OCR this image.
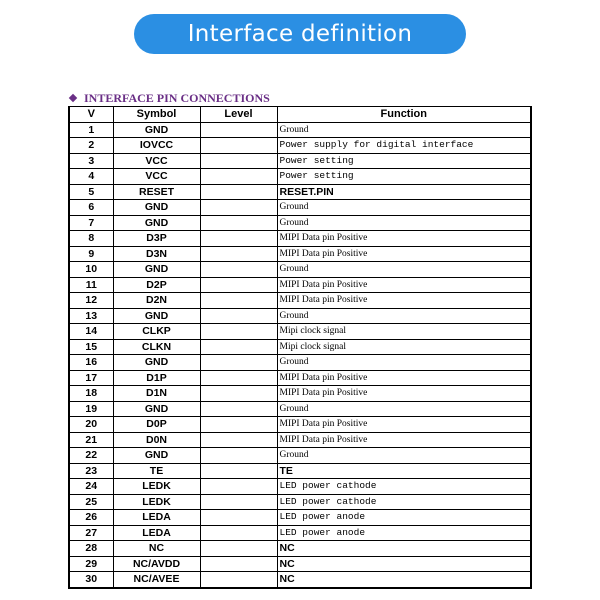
Interface definition
INTERFACE PIN CONNECTIONS
V	Symbol	Level	Function
1	GND		Ground
2	IOVCC		Power supply for digital interface
3	VCC		Power setting
4	VCC		Power setting
5	RESET		RESET.PIN
6	GND		Ground
7	GND		Ground
8	D3P		MIPI Data pin Positive
9	D3N		MIPI Data pin Positive
10	GND		Ground
11	D2P		MIPI Data pin Positive
12	D2N		MIPI Data pin Positive
13	GND		Ground
14	CLKP		Mipi clock signal
15	CLKN		Mipi clock signal
16	GND		Ground
17	D1P		MIPI Data pin Positive
18	D1N		MIPI Data pin Positive
19	GND		Ground
20	D0P		MIPI Data pin Positive
21	D0N		MIPI Data pin Positive
22	GND		Ground
23	TE		TE
24	LEDK		LED power cathode
25	LEDK		LED power cathode
26	LEDA		LED power anode
27	LEDA		LED power anode
28	NC		NC
29	NC/AVDD		NC
30	NC/AVEE		NC
